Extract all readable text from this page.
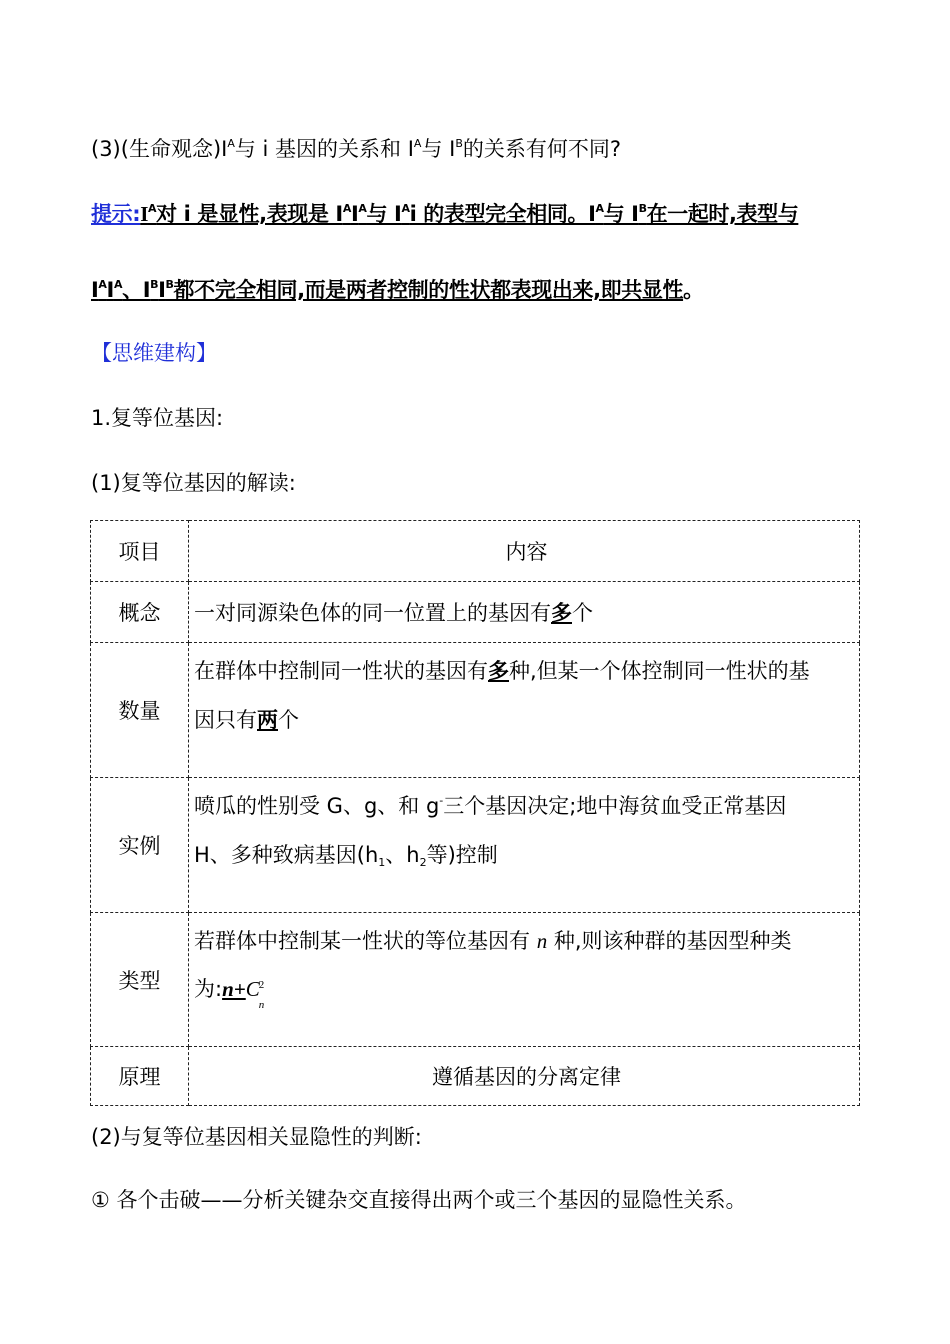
(3)(生命观念)$I^A$与 i 基因的关系和 $I^A$与 $I^B$的关系有何不同?
提示$:I^A$对 i 是显性,表现是 $I^AI^A$与 $I^Ai$ 的表型完全相同。$I^A$与 $I^B$在一起时,表型与
$I^AI^A$、$I^BI^B$都不完全相同,而是两者控制的性状都表现出来,即共显性。
【思维建构】
1.复等位基因:
(1)复等位基因的解读:
项目	内容
概念	一对同源染色体的同一位置上的基因有多个
数量	在群体中控制同一性状的基因有多种,但某一个体控制同一性状的基
因只有两个

实例	喷瓜的性别受 G、g、和 g-三个基因决定;地中海贫血受正常基因
H、多种致病基因($h_1$、$h_2$等)控制

类型	若群体中控制某一性状的等位基因有 n 种,则该种群的基因型种类
为:n+C
2
n

原理	遵循基因的分离定律
(2)与复等位基因相关显隐性的判断:
① 各个击破——分析关键杂交直接得出两个或三个基因的显隐性关系。
